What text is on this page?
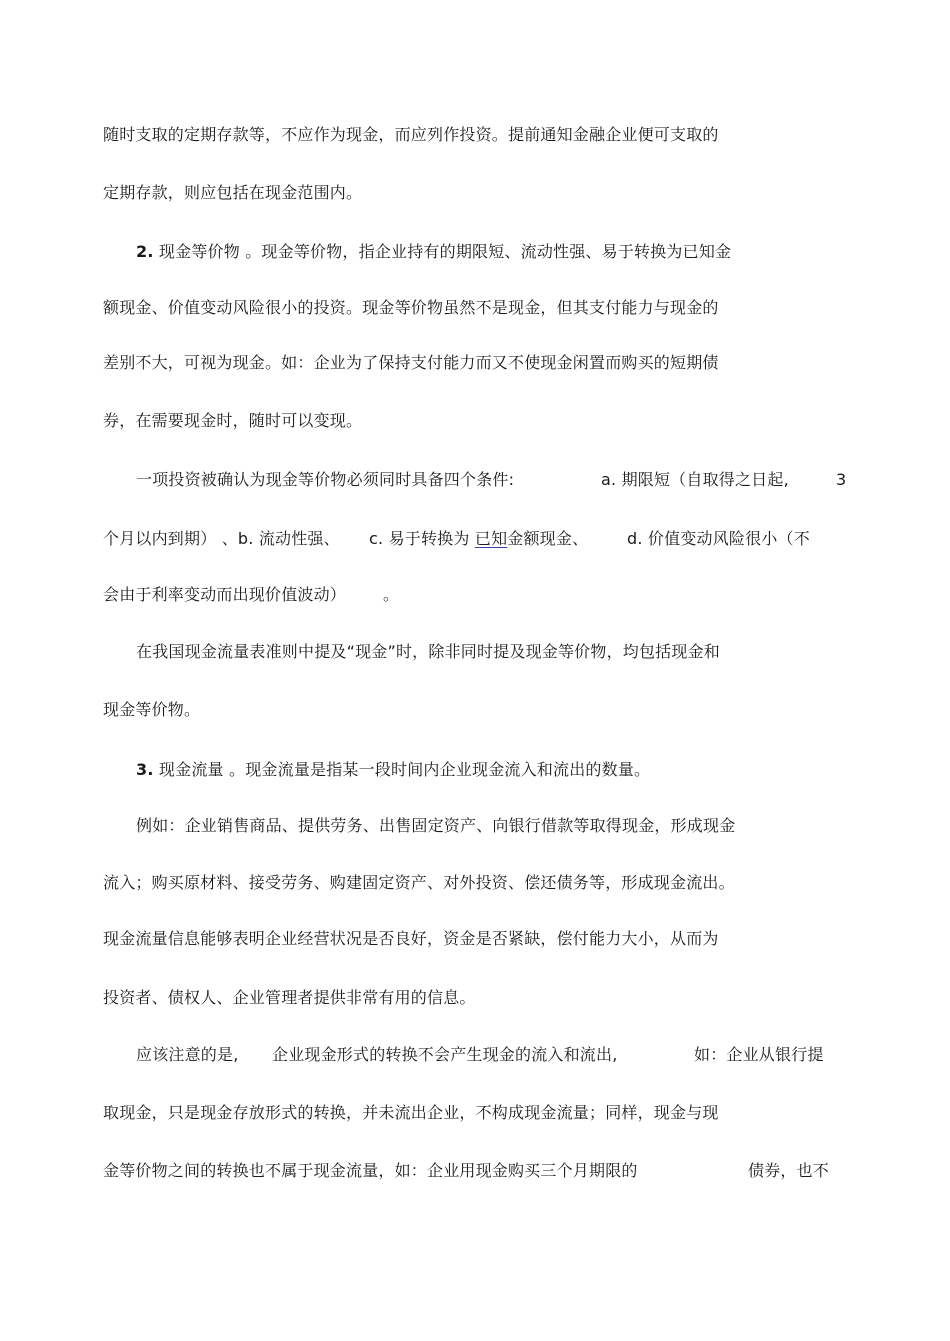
随时支取的定期存款等，不应作为现金，而应列作投资。提前通知金融企业便可支取的
定期存款，则应包括在现金范围内。
2. 现金等价物 。现金等价物，指企业持有的期限短、流动性强、易于转换为已知金
额现金、价值变动风险很小的投资。现金等价物虽然不是现金，但其支付能力与现金的
差别不大，可视为现金。如：企业为了保持支付能力而又不使现金闲置而购买的短期债
券，在需要现金时，随时可以变现。
一项投资被确认为现金等价物必须同时具备四个条件:	a. 期限短（自取得之日起,	3
个月以内到期） 、b. 流动性强、 c. 易于转换为 已知金额现金、 d. 价值变动风险很小（不
会由于利率变动而出现价值波动） 。
在我国现金流量表准则中提及“现金”时，除非同时提及现金等价物，均包括现金和
现金等价物。
3. 现金流量 。现金流量是指某一段时间内企业现金流入和流出的数量。
例如：企业销售商品、提供劳务、出售固定资产、向银行借款等取得现金，形成现金
流入；购买原材料、接受劳务、购建固定资产、对外投资、偿还债务等，形成现金流出。
现金流量信息能够表明企业经营状况是否良好，资金是否紧缺，偿付能力大小，从而为
投资者、债权人、企业管理者提供非常有用的信息。
应该注意的是, 企业现金形式的转换不会产生现金的流入和流出,	如：企业从银行提
取现金，只是现金存放形式的转换，并未流出企业，不构成现金流量；同样，现金与现
金等价物之间的转换也不属于现金流量，如：企业用现金购买三个月期限的	债券，也不
